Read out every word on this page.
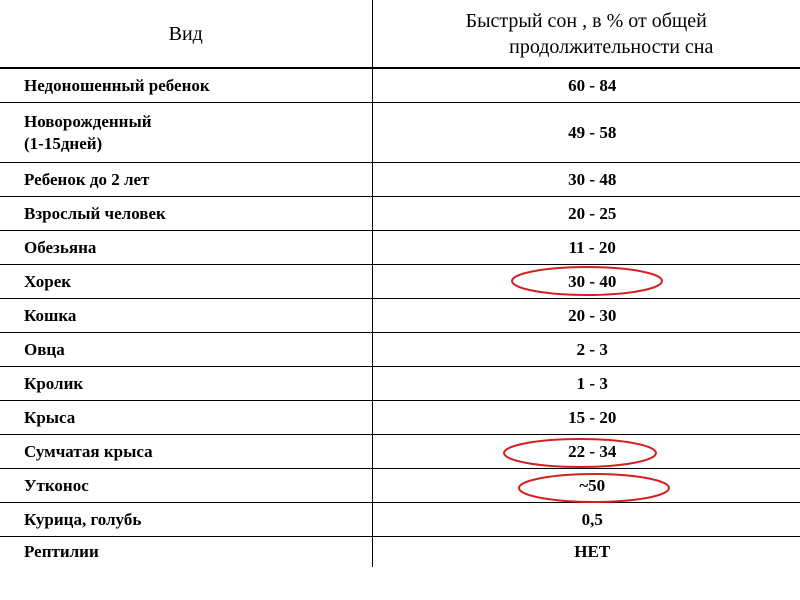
Вид	Быстрый сон , в % от общей
продолжительности сна

Недоношенный ребенок	60 - 84

Новорожденный
(1-15дней)	49 - 58
Ребенок до 2 лет	30 - 48
Взрослый человек	20 - 25
Обезьяна	11 - 20
Хорек	30 - 40
Кошка	20 - 30
Овца	2 - 3
Кролик	1 - 3
Крыса	15 - 20
Сумчатая крыса	22 - 34
Утконос	~50
Курица, голубь	0,5
Рептилии	НЕТ
